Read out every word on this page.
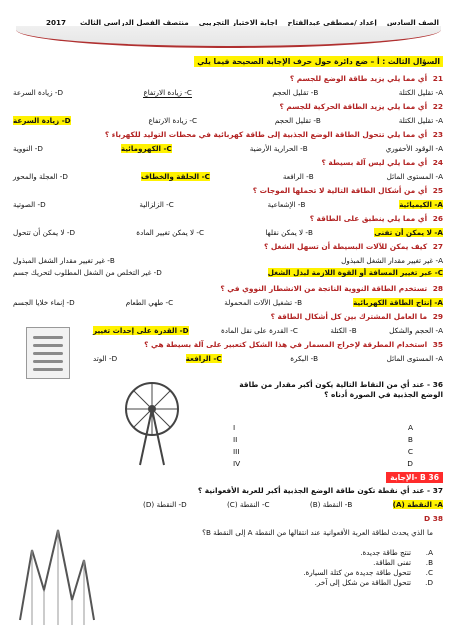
الصف السادس
إعداد /مصطفى عبدالفتاح
اجابة الاختبار التجريبي
منتصف الفصل الدراسي الثالث
2017
السؤال الثالث : أ – ضع دائرة حول حرف الإجابة الصحيحة فيما يلي
21 أي مما يلي يزيد طاقة الوضع للجسم ؟
A- تقليل الكتلة
B- تقليل الحجم
C- زيادة الارتفاع
D- زيادة السرعة
22 أي مما يلي يزيد الطاقة الحركية للجسم ؟
A- تقليل الكتلة
B- تقليل الحجم
C- زيادة الارتفاع
D- زيادة السرعة
23 أي مما يلي تتحول الطاقة الوضع الجذبية إلى طاقة كهربائية في محطات التوليد للكهرباء ؟
A- الوقود الأحفوري
B- الحرارية الأرضية
C- الكهرومائية
D- النووية
24 أي مما يلي ليس آلة بسيطة ؟
A- المستوى المائل
B- الرافعة
C- الحلقة والخطاف
D- العجلة والمحور
25 أي من أشكال الطاقة التالية لا تحملها الموجات ؟
A- الكيميائية
B- الإشعاعية
C- الزلزالية
D- الصوتية
26 أي مما يلي ينطبق على الطاقة ؟
A- لا يمكن أن تفنى
B- لا يمكن نقلها
C- لا يمكن تغيير المادة
D- لا يمكن أن تتحول
27 كيف يمكن للآلات البسيطة أن تسهل الشغل ؟
A- غير تغيير مقدار الشغل المبذول
B- غير تغيير مقدار الشغل المبذول
C- عبر تغيير المسافة أو القوة اللازمة لبذل الشغل
D- غير التخلص من الشغل المطلوب لتحريك جسم
28 تستخدم الطاقة النووية الناتجة من الانشطار النووي في ؟
A- إنتاج الطاقة الكهربائية
B- تشغيل الآلات المحمولة
C- طهي الطعام
D- إنماء خلايا الجسم
29 ما العامل المشترك بين كل أشكال الطاقة ؟
A- الحجم والشكل
B- الكتلة
C- القدرة على نقل المادة
D- القدرة على إحداث تغيير
35 استخدام المطرقة لإخراج المسمار في هذا الشكل كتعبير على آلة بسيطة هي ؟
A- المستوى المائل
B- البكرة
C- الرافعة
D- الوتد
36 - عند أي من النقاط التالية يكون أكبر مقدار من طاقة الوضع الجذبية في الصورة أدناه ؟
A
I
B
II
C
III
D
IV
الإجابة- B 36
37 - عند أي نقطة تكون طاقة الوضع الجذبية أكبر للعربة الأفعوانية ؟
A- النقطة (A)
B- النقطة (B)
C- النقطة (C)
D- النقطة (D)
38 D
ما الذي يحدث لطاقة العربة الأفعوانية عند انتقالها من النقطة A إلى النقطة B؟
A.
تنتج طاقة جديدة.
B.
تفنى الطاقة.
C.
تتحول طاقة جديدة من كتلة السيارة.
D.
تتحول الطاقة من شكل إلى آخر.
